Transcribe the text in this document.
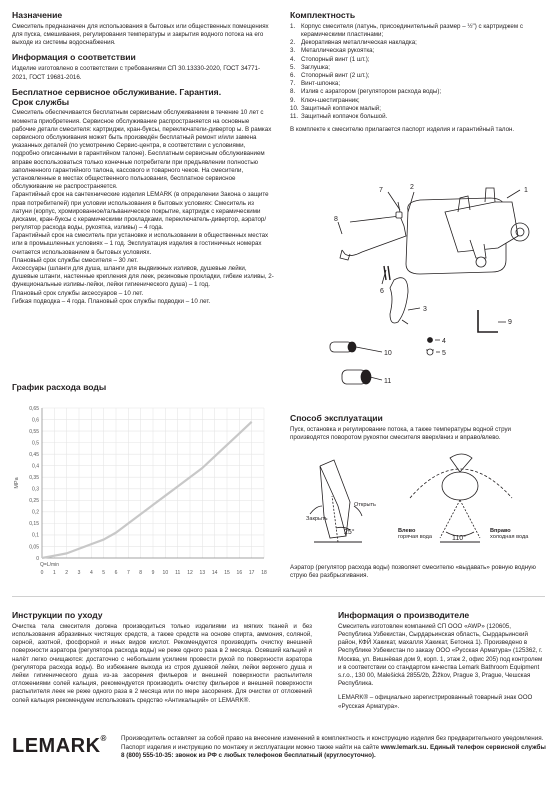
Назначение

Смеситель предназначен для использования в бытовых или общественных помещениях для пуска, смешивания, регулирования температуры и закрытия водного потока на его выходе из системы водоснабжения.

Информация о соответствии

Изделие изготовлено в соответствии с требованиями СП 30.13330-2020, ГОСТ 34771-2021, ГОСТ 19681-2016.

Бесплатное сервисное обслуживание. Гарантия. Срок службы

Смеситель обеспечивается бесплатным сервисным обслуживанием в течение 10 лет с момента приобретения. Сервисное обслуживание распространяется на основные рабочие детали смесителя: картриджи, кран-буксы, переключатели-дивертор ы. В рамках сервисного обслуживания может быть произведён бесплатный ремонт и/или замена указанных деталей (по усмотрению Сервис-центра, в соответствии с условиями, подробно описанными в гарантийном талоне). Бесплатным сервисным обслуживанием вправе воспользоваться только конечные потребители при предъявлении полностью заполненного гарантийного талона, кассового и товарного чеков. На смесители, установленные в местах общественного пользования, бесплатное сервисное обслуживание не распространяется.

Гарантийный срок на сантехнические изделия LEMARK (в определении Закона о защите прав потребителей) при условии использования в бытовых условиях: Смеситель из латуни (корпус, хромированное/гальваническое покрытие, картридж с керамическими дисками, кран-буксы с керамическими прокладками, переключатель-дивертор, аэратор/регулятор расхода воды, рукоятка, изливы) – 4 года.

Гарантийный срок на смеситель при установке и использовании в общественных местах или в промышленных условиях – 1 год. Эксплуатация изделия в гостиничных номерах считается использованием в бытовых условиях.

Плановый срок службы смесителя – 30 лет.

Аксессуары (шланги для душа, шланги для выдвижных изливов, душевые лейки, душевые штанги, настенные крепления для леек, резиновые прокладки, гибкие изливы, 2-функциональные изливы-лейки, лейки гигиенического душа) – 1 год.

Плановый срок службы аксессуаров – 10 лет.

Гибкая подводка – 4 года. Плановый срок службы подводки – 10 лет.

График расхода воды
0
0,05
0,1
0,15
0,2
0,25
0,3
0,35
0,4
0,45
0,5
0,55
0,6
0,65
0 1 2 3 4 5 6 7 8 9 10 11 12 13 14 15 16 17 18
MPa
Q=L/min
Комплектность
1. Корпус смесителя (латунь, присоединительный размер – ½") с картриджем с керамическими пластинами;
2. Декоративная металлическая накладка;
3. Металлическая рукоятка;
4. Стопорный винт (1 шт.);
5. Заглушка;
6. Стопорный винт (2 шт.);
7. Винт-шпонка;
8. Излив с аэратором (регулятором расхода воды);
9. Ключ-шестигранник;
10. Защитный колпачок малый;
11. Защитный колпачок большой.

В комплекте к смесителю прилагается паспорт изделия и гарантийный талон.

1
2
3
4
5
6
7
8
9
10
11
Способ эксплуатации

Пуск, остановка и регулирование потока, а также температуры водной струи производятся поворотом рукоятки смесителя вверх/вниз и вправо/влево.

Закрыть
Открыть
25°
110°
Влево
горячая вода
Вправо
холодная вода

Аэратор (регулятор расхода воды) позволяет смесителю «выдавать» ровную водную струю без разбрызгивания.

Инструкции по уходу

Очистка тела смесителя должна производиться только изделиями из мягких тканей и без использования абразивных чистящих средств, а также средств на основе спирта, аммония, соляной, серной, азотной, фосфорной и иных видов кислот. Рекомендуется производить очистку внешней поверхности аэратора (регулятора расхода воды) не реже одного раза в 2 месяца. Осевший кальций и налёт легко очищаются: достаточно с небольшим усилием провести рукой по поверхности аэратора (регулятора расхода воды). Во избежание выхода из строя душевой лейки, лейки верхнего душа и лейки гигиенического душа из-за засорения фильеров и внешней поверхности распылителя отложениями солей кальция, рекомендуется производить очистку фильеров и внешней поверхности распылителя леек не реже одного раза в 2 месяца или по мере засорения. Для очистки от отложений солей кальция рекомендуем использовать средство «Антикальций» от LEMARK®.

Информация о производителе

Смеситель изготовлен компанией СП ООО «AWP» (120605, Республика Узбекистан, Сырдарьинская область, Сырдарьинский район, КФЙ Хакикат, махалля Хакикат, Бетонка 1). Произведено в Республике Узбекистан по заказу ООО «Русская Арматура» (125362, г. Москва, ул. Вишнёвая дом 9, корп. 1, этаж 2, офис 205) под контролем и в соответствии со стандартом качества Lemark Bathroom Equipment s.r.o., 130 00, Malešická 2855/2b, Žižkov, Prague 3, Prague, Чешская Республика.

LEMARK® – официально зарегистрированный товарный знак ООО «Русская Арматура».

LEMARK® Производитель оставляет за собой право на внесение изменений в комплектность и конструкцию изделия без предварительного уведомления. Паспорт изделия и инструкцию по монтажу и эксплуатации можно также найти на сайте www.lemark.su. Единый телефон сервисной службы 8 (800) 555-10-35: звонок из РФ с любых телефонов бесплатный (круглосуточно).
